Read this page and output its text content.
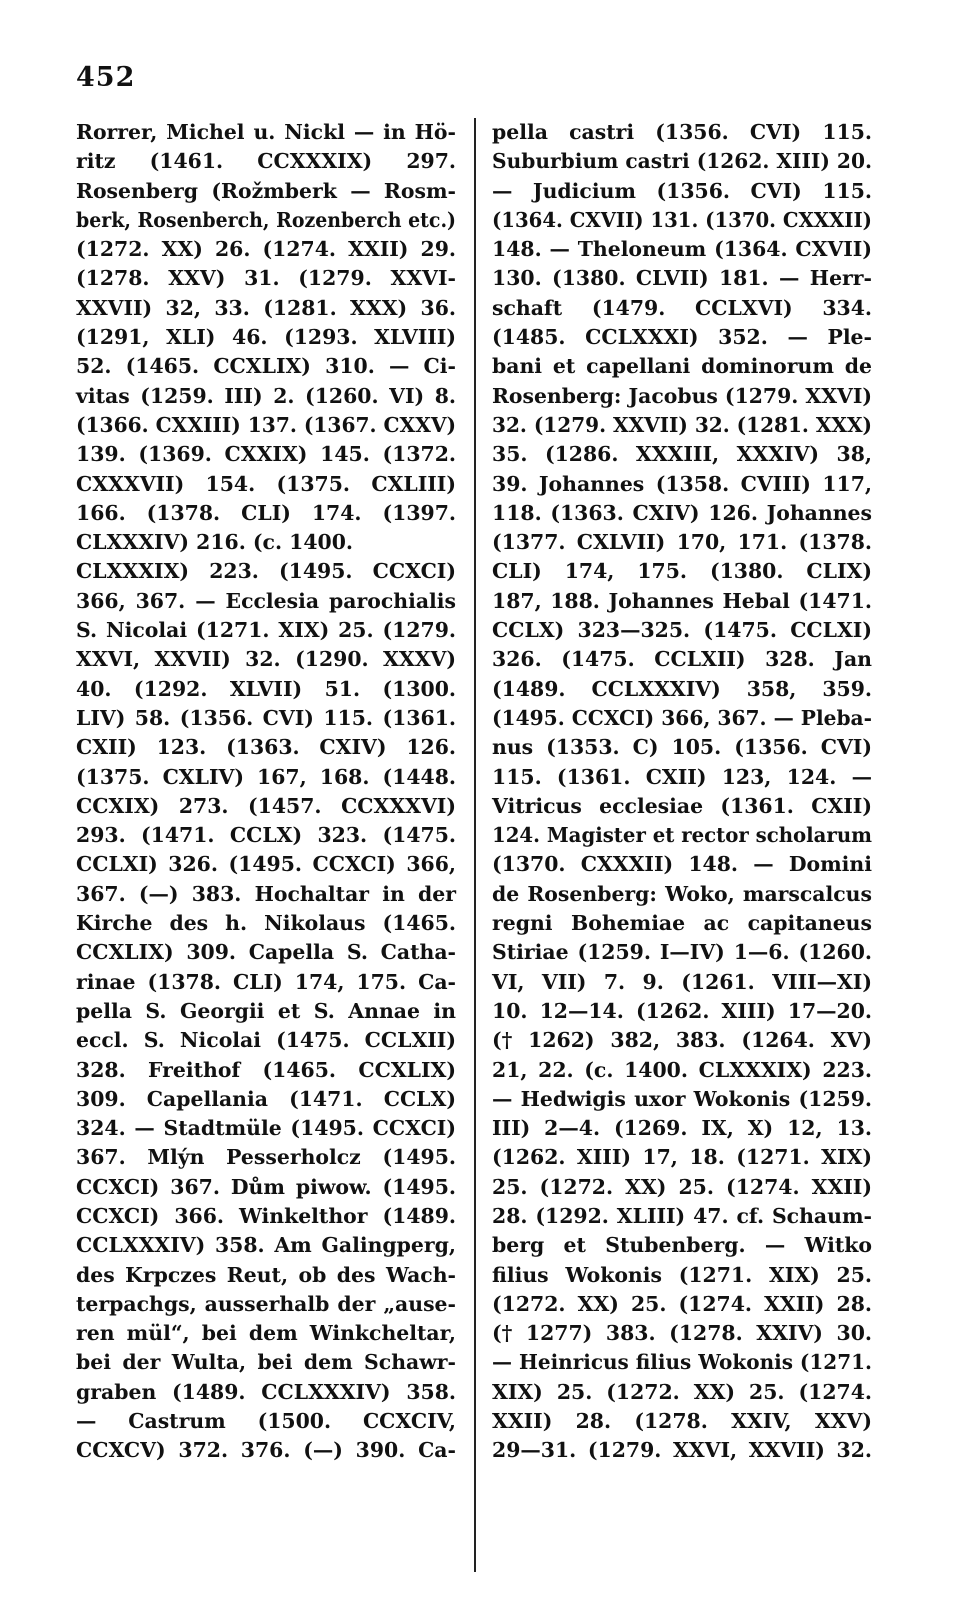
452
Rorrer, Michel u. Nickl — in Hö-
ritz (1461. CCXXXIX) 297.
Rosenberg (Rožmberk — Rosm-
berk, Rosenberch, Rozenberch etc.)
(1272. XX) 26. (1274. XXII) 29.
(1278. XXV) 31. (1279. XXVI-
XXVII) 32, 33. (1281. XXX) 36.
(1291, XLI) 46. (1293. XLVIII)
52. (1465. CCXLIX) 310. — Ci-
vitas (1259. III) 2. (1260. VI) 8.
(1366. CXXIII) 137. (1367. CXXV)
139. (1369. CXXIX) 145. (1372.
CXXXVII) 154. (1375. CXLIII)
166. (1378. CLI) 174. (1397.
CLXXXIV) 216. (c. 1400.
CLXXXIX) 223. (1495. CCXCI)
366, 367. — Ecclesia parochialis
S. Nicolai (1271. XIX) 25. (1279.
XXVI, XXVII) 32. (1290. XXXV)
40. (1292. XLVII) 51. (1300.
LIV) 58. (1356. CVI) 115. (1361.
CXII) 123. (1363. CXIV) 126.
(1375. CXLIV) 167, 168. (1448.
CCXIX) 273. (1457. CCXXXVI)
293. (1471. CCLX) 323. (1475.
CCLXI) 326. (1495. CCXCI) 366,
367. (—) 383. Hochaltar in der
Kirche des h. Nikolaus (1465.
CCXLIX) 309. Capella S. Catha-
rinae (1378. CLI) 174, 175. Ca-
pella S. Georgii et S. Annae in
eccl. S. Nicolai (1475. CCLXII)
328. Freithof (1465. CCXLIX)
309. Capellania (1471. CCLX)
324. — Stadtmüle (1495. CCXCI)
367. Mlýn Pesserholcz (1495.
CCXCI) 367. Dům piwow. (1495.
CCXCI) 366. Winkelthor (1489.
CCLXXXIV) 358. Am Galingperg,
des Krpczes Reut, ob des Wach-
terpachgs, ausserhalb der „ause-
ren mül“, bei dem Winkcheltar,
bei der Wulta, bei dem Schawr-
graben (1489. CCLXXXIV) 358.
— Castrum (1500. CCXCIV,
CCXCV) 372. 376. (—) 390. Ca-
pella castri (1356. CVI) 115.
Suburbium castri (1262. XIII) 20.
— Judicium (1356. CVI) 115.
(1364. CXVII) 131. (1370. CXXXII)
148. — Theloneum (1364. CXVII)
130. (1380. CLVII) 181. — Herr-
schaft (1479. CCLXVI) 334.
(1485. CCLXXXI) 352. — Ple-
bani et capellani dominorum de
Rosenberg: Jacobus (1279. XXVI)
32. (1279. XXVII) 32. (1281. XXX)
35. (1286. XXXIII, XXXIV) 38,
39. Johannes (1358. CVIII) 117,
118. (1363. CXIV) 126. Johannes
(1377. CXLVII) 170, 171. (1378.
CLI) 174, 175. (1380. CLIX)
187, 188. Johannes Hebal (1471.
CCLX) 323—325. (1475. CCLXI)
326. (1475. CCLXII) 328. Jan
(1489. CCLXXXIV) 358, 359.
(1495. CCXCI) 366, 367. — Pleba-
nus (1353. C) 105. (1356. CVI)
115. (1361. CXII) 123, 124. —
Vitricus ecclesiae (1361. CXII)
124. Magister et rector scholarum
(1370. CXXXII) 148. — Domini
de Rosenberg: Woko, marscalcus
regni Bohemiae ac capitaneus
Stiriae (1259. I—IV) 1—6. (1260.
VI, VII) 7. 9. (1261. VIII—XI)
10. 12—14. (1262. XIII) 17—20.
(† 1262) 382, 383. (1264. XV)
21, 22. (c. 1400. CLXXXIX) 223.
— Hedwigis uxor Wokonis (1259.
III) 2—4. (1269. IX, X) 12, 13.
(1262. XIII) 17, 18. (1271. XIX)
25. (1272. XX) 25. (1274. XXII)
28. (1292. XLIII) 47. cf. Schaum-
berg et Stubenberg. — Witko
filius Wokonis (1271. XIX) 25.
(1272. XX) 25. (1274. XXII) 28.
(† 1277) 383. (1278. XXIV) 30.
— Heinricus filius Wokonis (1271.
XIX) 25. (1272. XX) 25. (1274.
XXII) 28. (1278. XXIV, XXV)
29—31. (1279. XXVI, XXVII) 32.
